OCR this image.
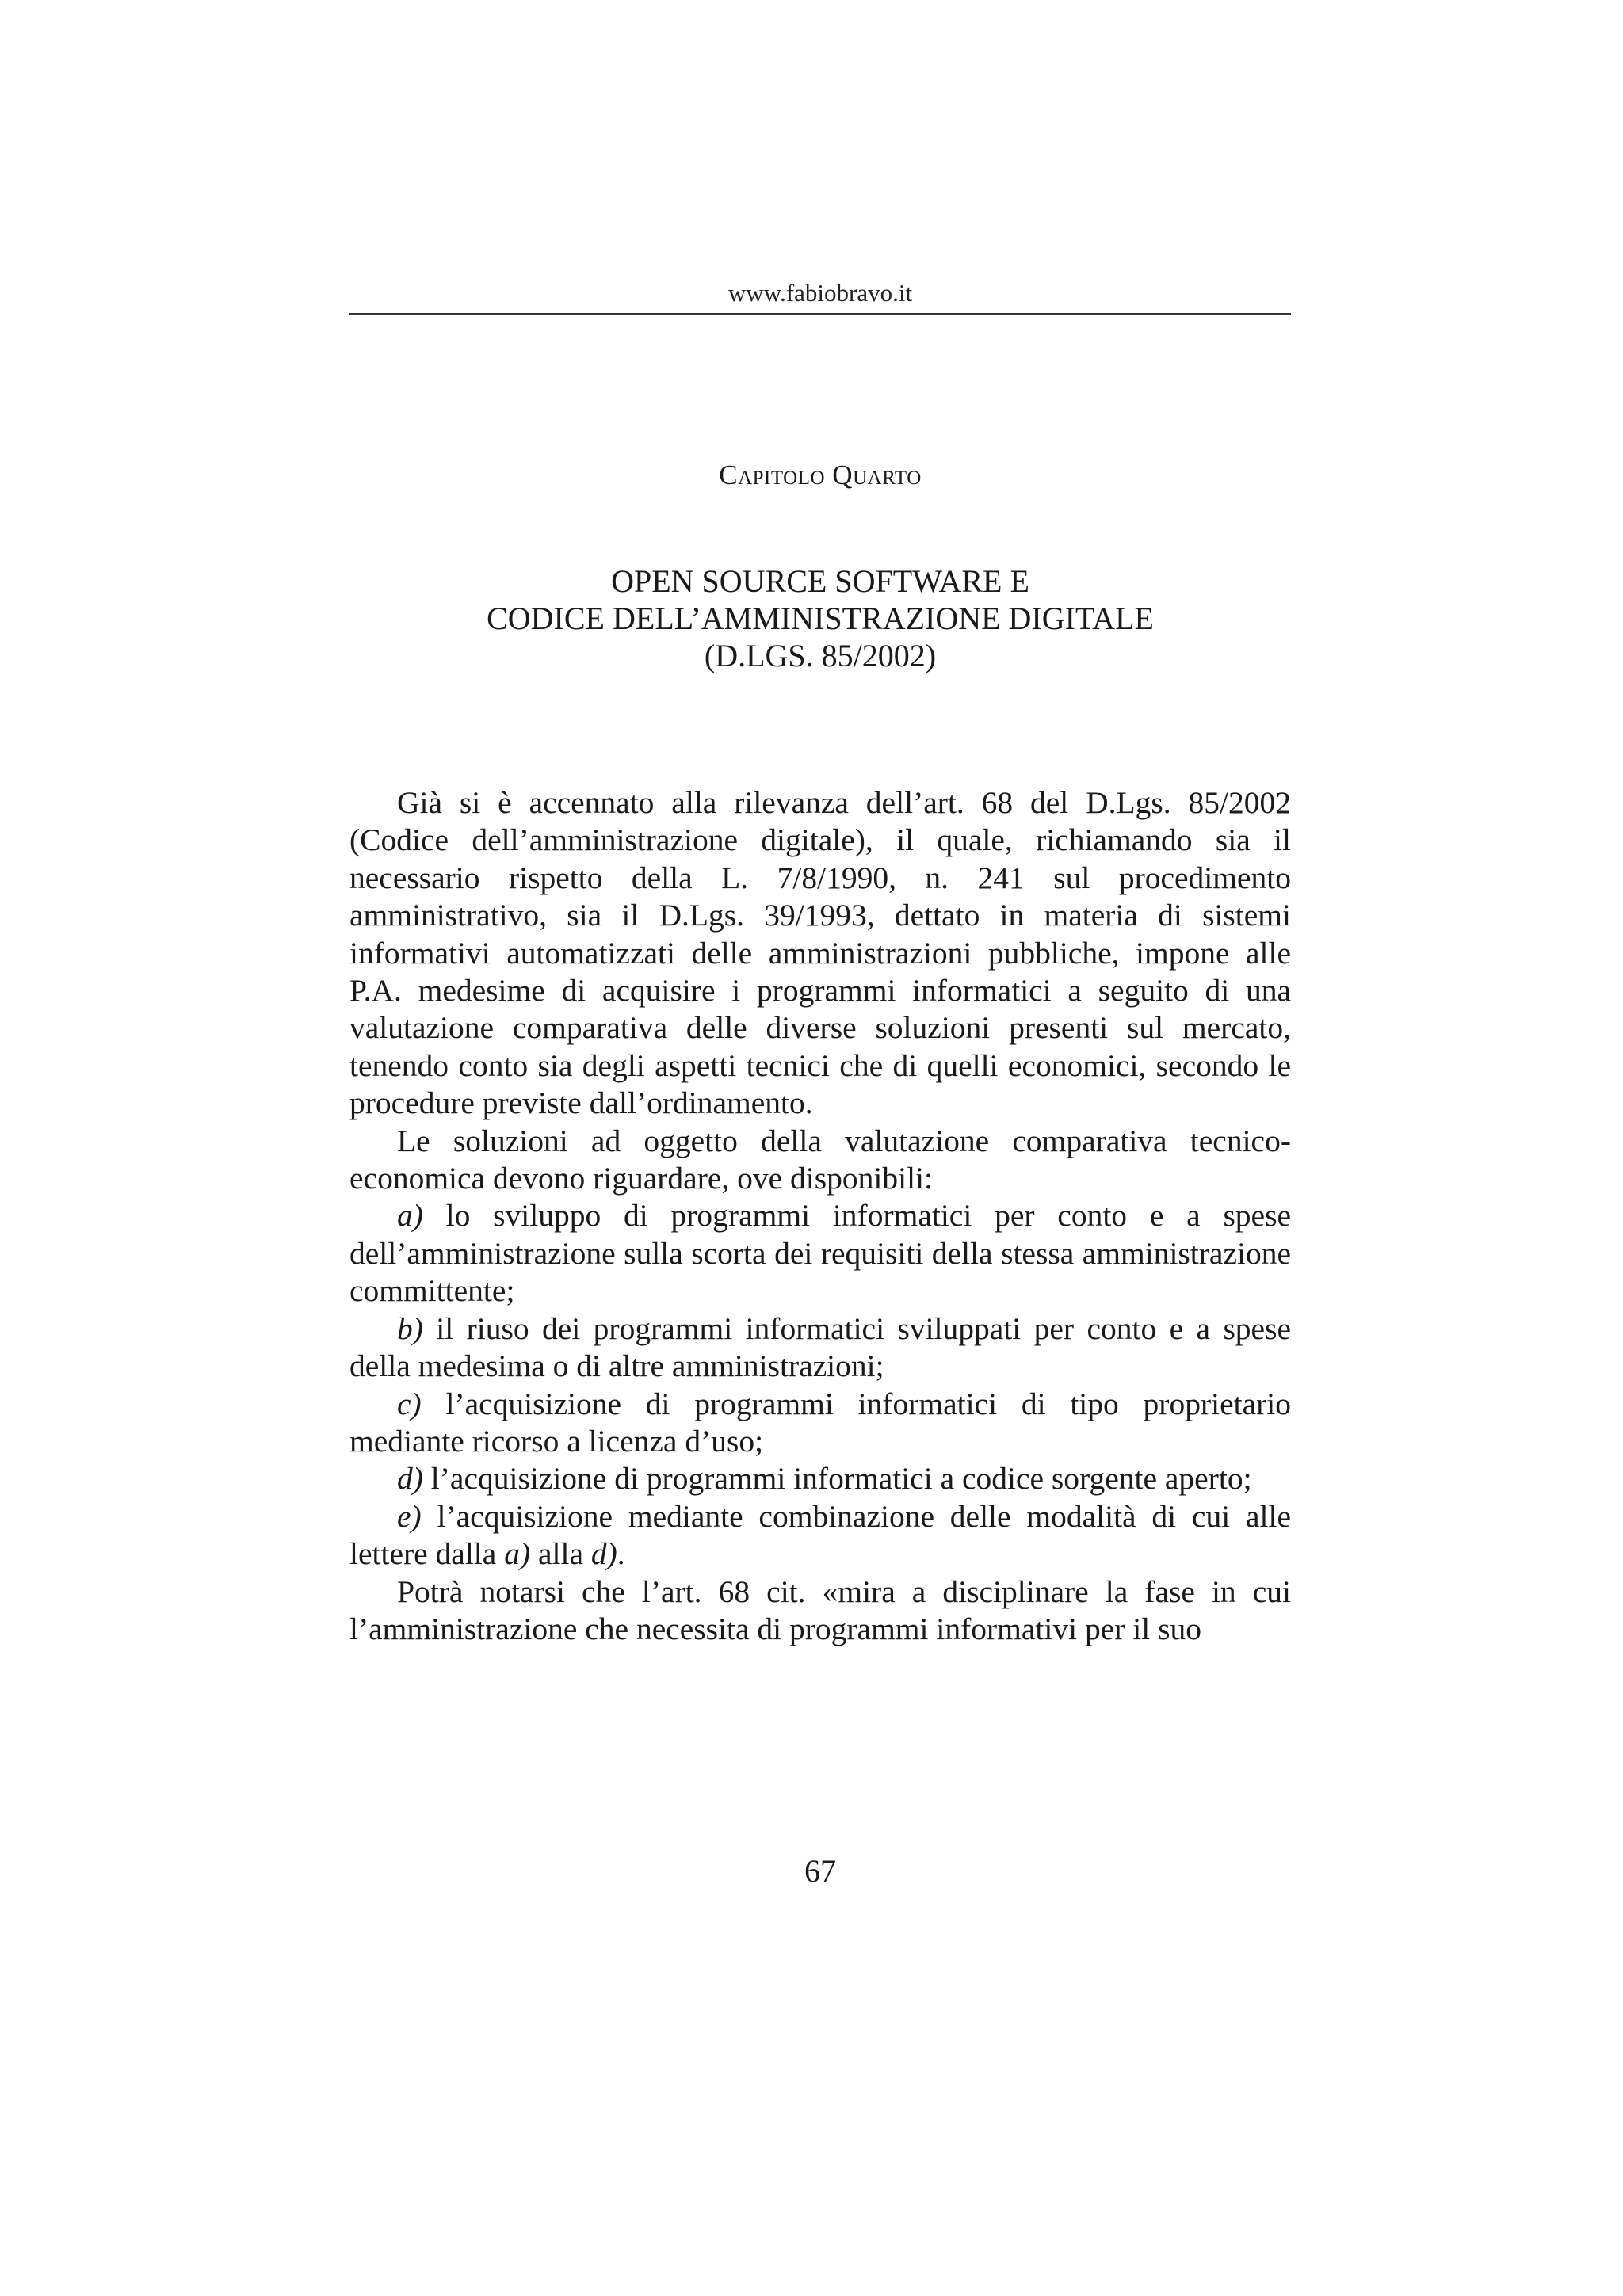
www.fabiobravo.it
Capitolo Quarto
OPEN SOURCE SOFTWARE E
CODICE DELL’AMMINISTRAZIONE DIGITALE
(D.LGS. 85/2002)

Già si è accennato alla rilevanza dell’art. 68 del D.Lgs. 85/2002 (Codice dell’amministrazione digitale), il quale, richiamando sia il necessario rispetto della L. 7/8/1990, n. 241 sul procedimento amministrativo, sia il D.Lgs. 39/1993, dettato in materia di sistemi informativi automatizzati delle amministrazioni pubbliche, impone alle P.A. medesime di acquisire i programmi informatici a seguito di una valutazione comparativa delle diverse soluzioni presenti sul mercato, tenendo conto sia degli aspetti tecnici che di quelli economici, secondo le procedure previste dall’ordinamento.

Le soluzioni ad oggetto della valutazione comparativa tecnico-economica devono riguardare, ove disponibili:

a) lo sviluppo di programmi informatici per conto e a spese dell’amministrazione sulla scorta dei requisiti della stessa amministrazione committente;

b) il riuso dei programmi informatici sviluppati per conto e a spese della medesima o di altre amministrazioni;

c) l’acquisizione di programmi informatici di tipo proprietario mediante ricorso a licenza d’uso;

d) l’acquisizione di programmi informatici a codice sorgente aperto;

e) l’acquisizione mediante combinazione delle modalità di cui alle lettere dalla a) alla d).

Potrà notarsi che l’art. 68 cit. «mira a disciplinare la fase in cui l’amministrazione che necessita di programmi informativi per il suo

67
